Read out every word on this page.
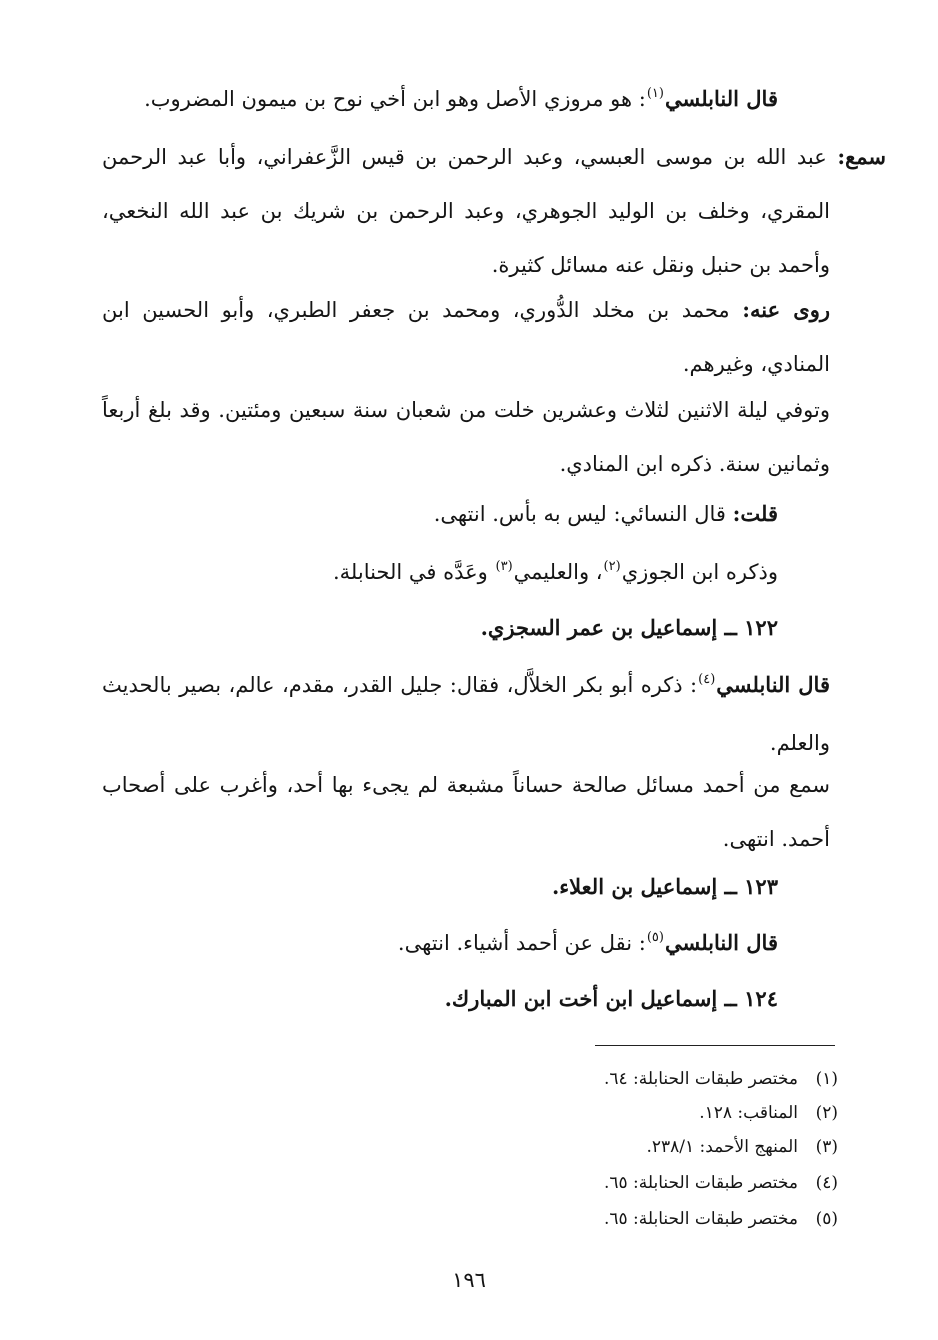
قال النابلسي$^{(١)}$: هو مروزي الأصل وهو ابن أخي نوح بن ميمون المضروب.
سمع: عبد الله بن موسى العبسي، وعبد الرحمن بن قيس الزَّعفراني، وأبا عبد الرحمن المقري، وخلف بن الوليد الجوهري، وعبد الرحمن بن شريك بن عبد الله النخعي، وأحمد بن حنبل ونقل عنه مسائل كثيرة.
روى عنه: محمد بن مخلد الدُّوري، ومحمد بن جعفر الطبري، وأبو الحسين ابن المنادي، وغيرهم.
وتوفي ليلة الاثنين لثلاث وعشرين خلت من شعبان سنة سبعين ومئتين. وقد بلغ أربعاً وثمانين سنة. ذكره ابن المنادي.
قلت: قال النسائي: ليس به بأس. انتهى.
وذكره ابن الجوزي$^{(٢)}$، والعليمي$^{(٣)}$ وعَدَّه في الحنابلة.
١٢٢ ــ إسماعيل بن عمر السجزي.
قال النابلسي$^{(٤)}$: ذكره أبو بكر الخلاَّل، فقال: جليل القدر، مقدم، عالم، بصير بالحديث والعلم.
سمع من أحمد مسائل صالحة حساناً مشبعة لم يجىء بها أحد، وأغرب على أصحاب أحمد. انتهى.
١٢٣ ــ إسماعيل بن العلاء.
قال النابلسي$^{(٥)}$: نقل عن أحمد أشياء. انتهى.
١٢٤ ــ إسماعيل ابن أخت ابن المبارك.
(١)مختصر طبقات الحنابلة: ٦٤.
(٢)المناقب: ١٢٨.
(٣)المنهج الأحمد: ٢٣٨/١.
(٤)مختصر طبقات الحنابلة: ٦٥.
(٥)مختصر طبقات الحنابلة: ٦٥.
١٩٦
